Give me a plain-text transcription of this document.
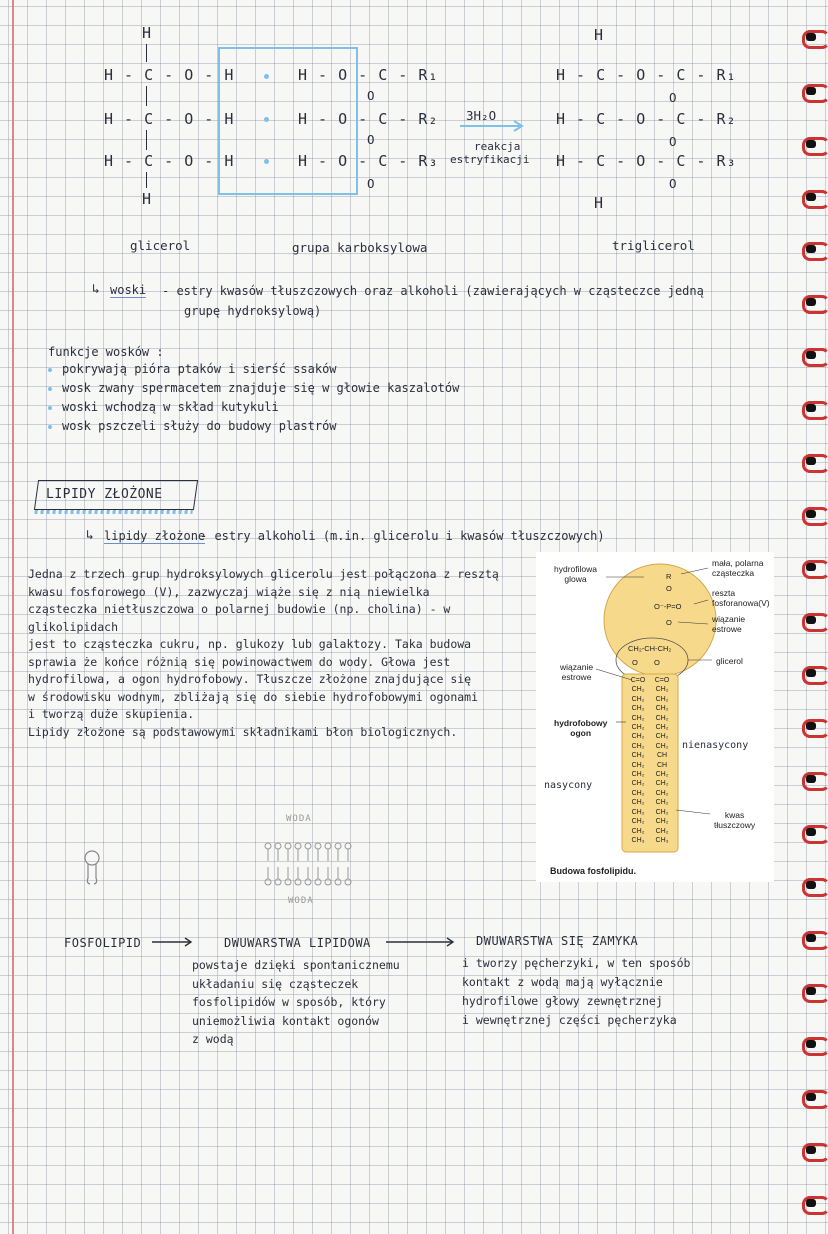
H
H - C - O - H
H - C - O - H
H - C - O - H
H
H - O - C - R₁
H - O - C - R₂
H - O - C - R₃
O
O
O
3H₂O
reakcja
estryfikacji
H
H - C - O - C - R₁
H - C - O - C - R₂
H - C - O - C - R₃
H
O
O
O
glicerol	grupa karboksylowa	triglicerol
↳ woski - estry kwasów tłuszczowych oraz alkoholi (zawierających w cząsteczce jedną
grupę hydroksylową)
funkcje wosków :
pokrywają pióra ptaków i sierść ssaków
wosk zwany spermacetem znajduje się w głowie kaszalotów
woski wchodzą w skład kutykuli
wosk pszczeli służy do budowy plastrów
LIPIDY ZŁOŻONE
↳ lipidy złożone
- estry alkoholi (m.in. glicerolu i kwasów tłuszczowych)
Jedna z trzech grup hydroksylowych glicerolu jest połączona z resztą
kwasu fosforowego (V), zazwyczaj wiąże się z nią niewielka
cząsteczka nietłuszczowa o polarnej budowie (np. cholina) - w glikolipidach
jest to cząsteczka cukru, np. glukozy lub galaktozy. Taka budowa
sprawia że końce różnią się powinowactwem do wody. Głowa jest
hydrofilowa, a ogon hydrofobowy. Tłuszcze złożone znajdujące się
w środowisku wodnym, zbliżają się do siebie hydrofobowymi ogonami
i tworzą duże skupienia.
Lipidy złożone są podstawowymi składnikami błon biologicznych.
hydrofilowa
glowa
mała, polarna
cząsteczka
reszta
fosforanowa(V)
wiązanie
estrowe
glicerol
wiązanie
estrowe
hydrofobowy
ogon
nasycony
nienasycony
kwas
tłuszczowy
R
O
O⁻-P=O
O
CH₂-CH-CH₂
O O
C=O
CH₂
CH₂
CH₂
CH₂
CH₂
CH₂
CH₂
CH₂
CH₂
CH₂
CH₂
CH₂
CH₂
CH₂
CH₂
CH₂
CH₃
C=O
CH₂
CH₂
CH₂
CH₂
CH₂
CH₂
CH₂
CH
CH
CH₂
CH₂
CH₂
CH₂
CH₂
CH₂
CH₂
CH₃
Budowa fosfolipidu.
WODA
WODA
FOSFOLIPID	DWUWARSTWA LIPIDOWA	DWUWARSTWA SIĘ ZAMYKA
powstaje dzięki spontanicznemu
układaniu się cząsteczek
fosfolipidów w sposób, który
uniemożliwia kontakt ogonów
z wodą
i tworzy pęcherzyki, w ten sposób
kontakt z wodą mają wyłącznie
hydrofilowe głowy zewnętrznej
i wewnętrznej części pęcherzyka
